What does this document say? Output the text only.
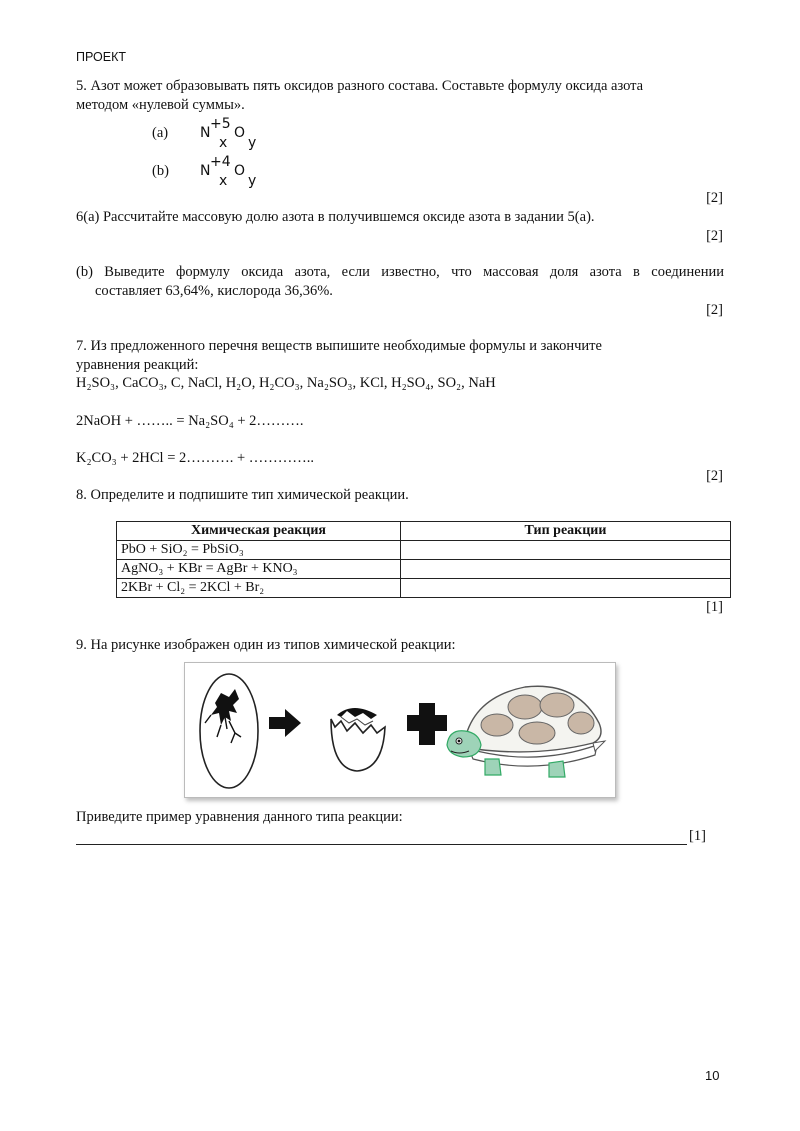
ПРОЕКТ
5. Азот может образовывать пять оксидов разного состава. Составьте формулу оксида азота
методом «нулевой суммы».
(a) N
+5
x
O
y
(b) N
+4
x
O
y
[2]
6(a) Рассчитайте массовую долю азота в получившемся оксиде азота в задании 5(a).
[2]
(b) Выведите формулу оксида азота, если известно, что массовая доля азота в соединении
составляет 63,64%, кислорода 36,36%.
[2]
7. Из предложенного перечня веществ выпишите необходимые формулы и закончите
уравнения реакций:
H₂SO₃, CaCO₃, C, NaCl, H₂O, H₂CO₃, Na₂SO₃, KCl, H₂SO₄, SO₂, NaH
2NaOH + …….. = Na₂SO₄ + 2……….
K₂CO₃ + 2HCl = 2………. + …………..
[2]
8. Определите и подпишите тип химической реакции.
Химическая реакция	Тип реакции
PbO + SiO₂ = PbSiO₃	
AgNO₃ + KBr = AgBr + KNO₃	
2KBr + Cl₂ = 2KCl + Br₂	
[1]
9. На рисунке изображен один из типов химической реакции:
Приведите пример уравнения данного типа реакции:
[1]
10
